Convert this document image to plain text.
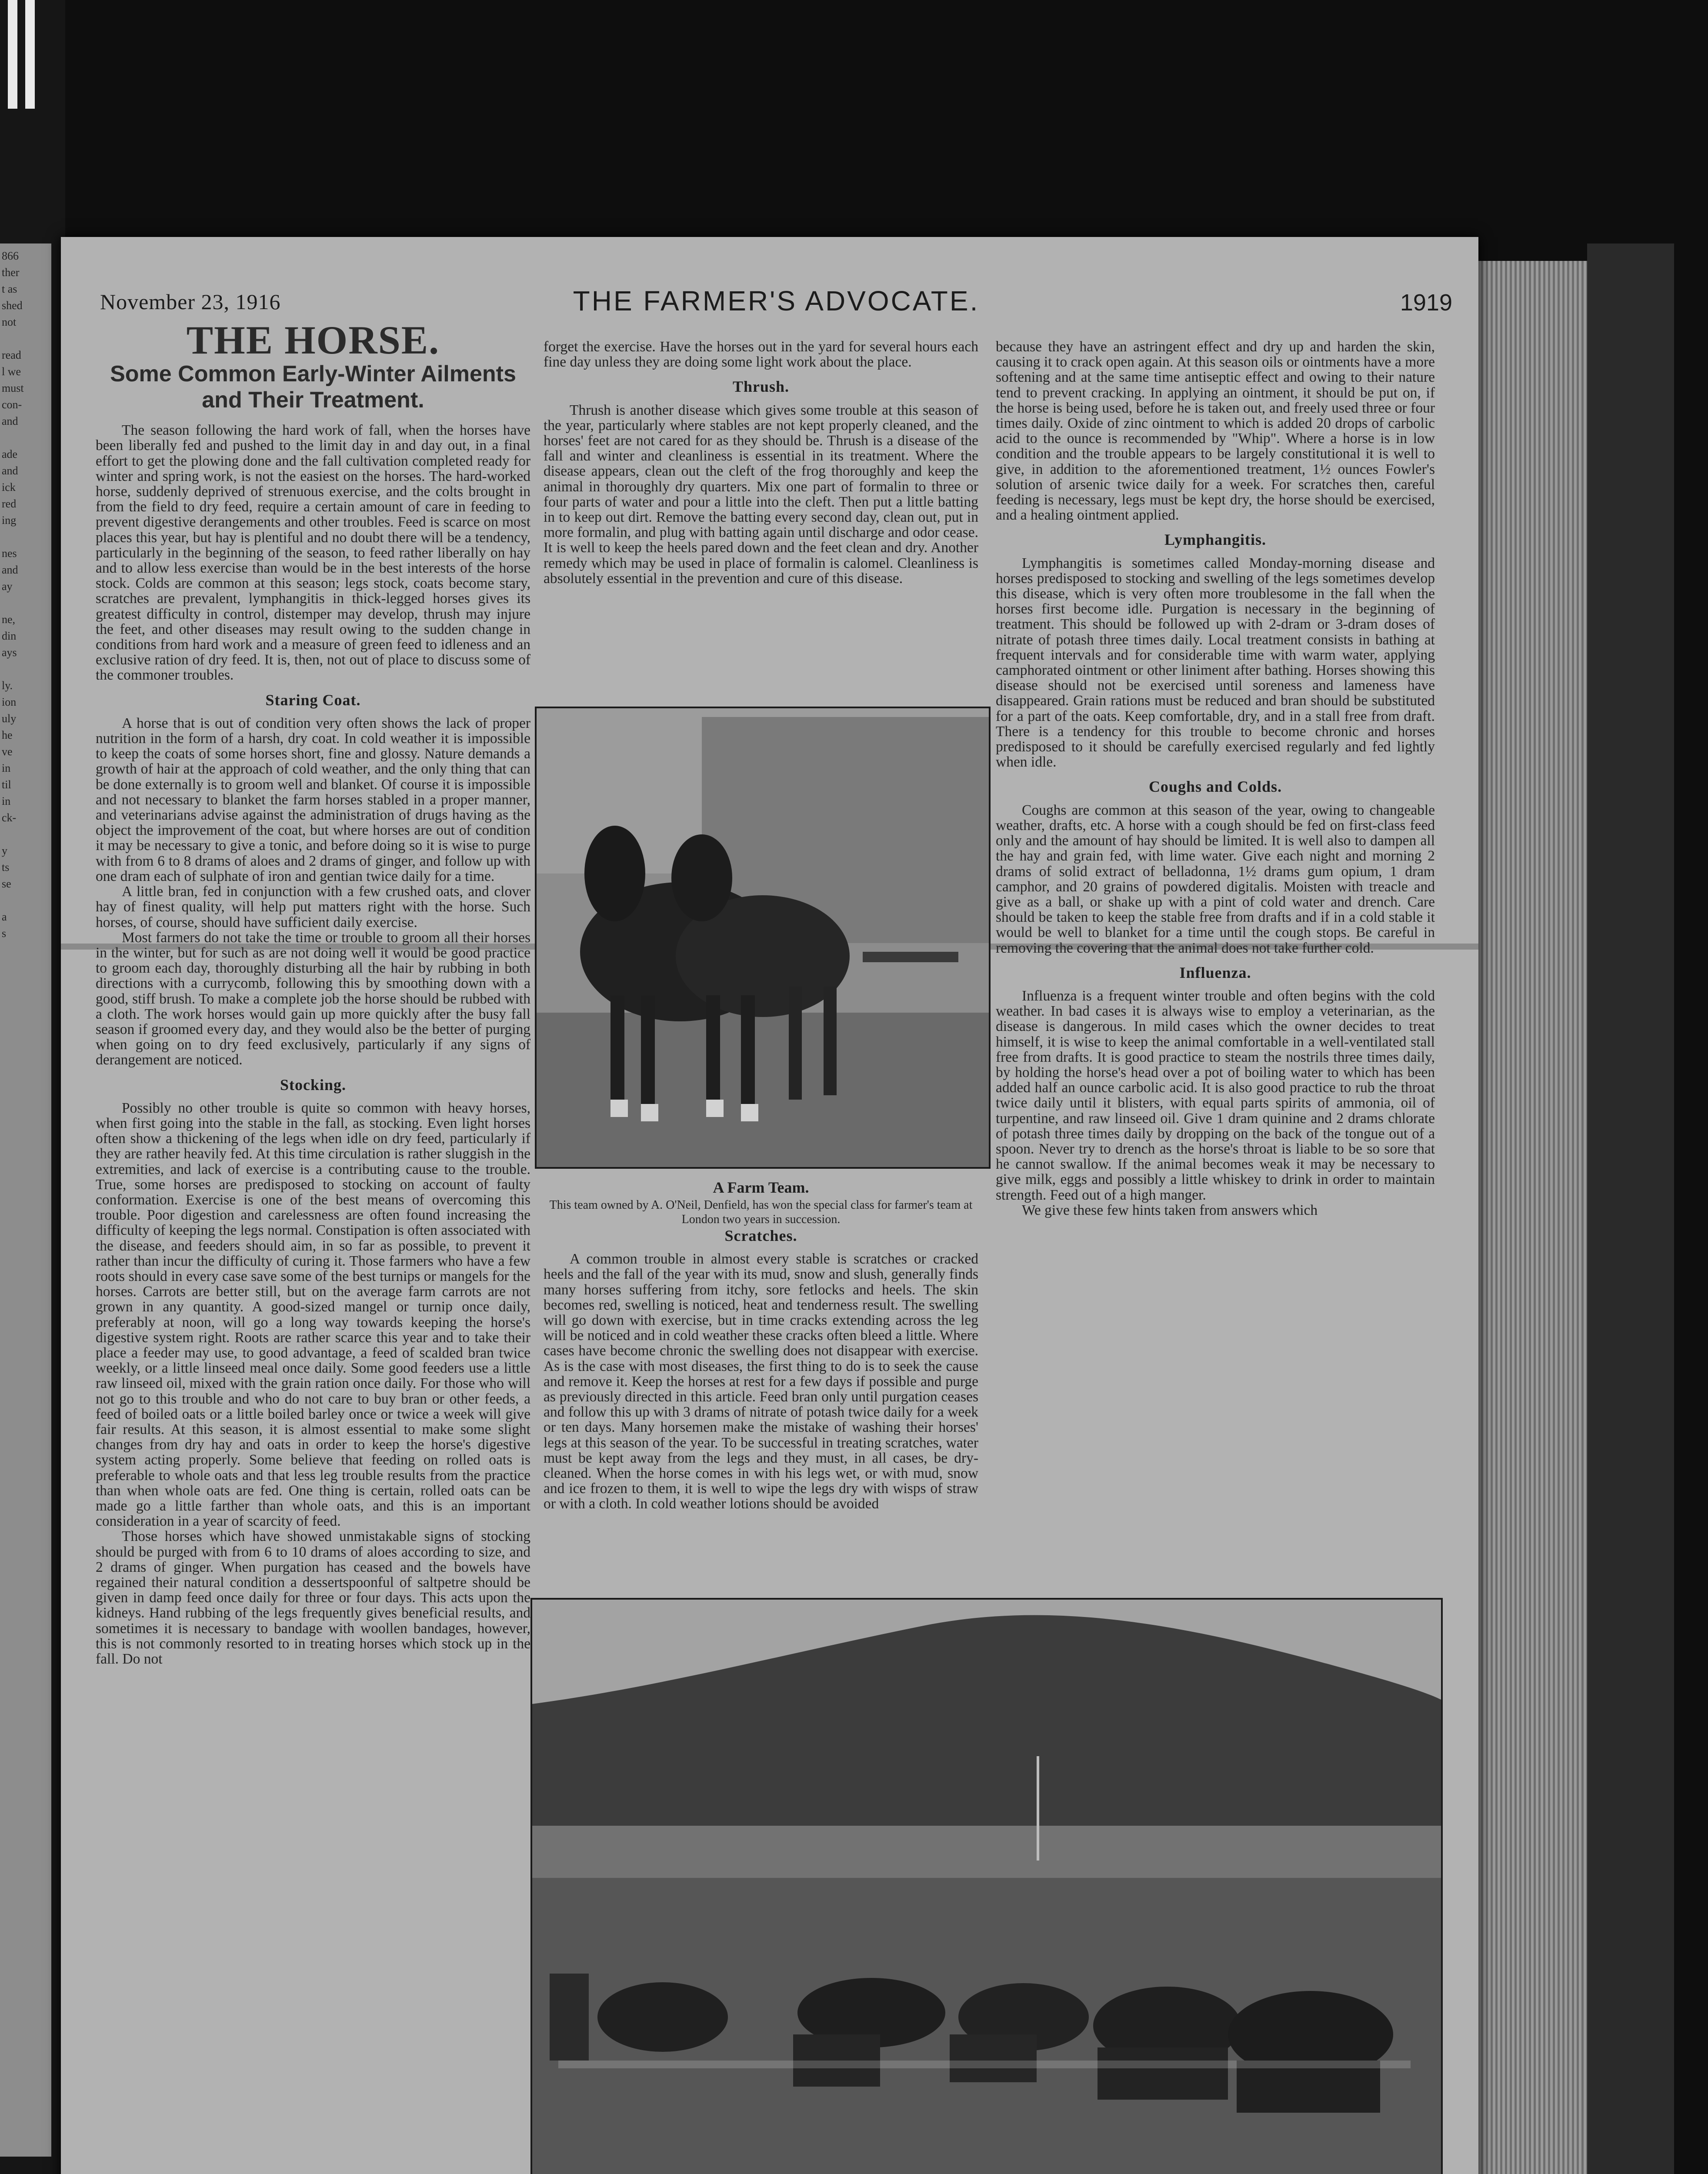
866
ther
t as
shed
not

read
l we
must
con-
and

ade
and
ick
red
ing

nes
and
ay

ne,
din
ays

ly.
ion
uly
he
ve
in
til
in
ck-

y
ts
se

a
s

November 23, 1916	THE FARMER'S ADVOCATE.	1919
THE HORSE.
Some Common Early-Winter Ailments and Their Treatment.

The season following the hard work of fall, when the horses have been liberally fed and pushed to the limit day in and day out, in a final effort to get the plowing done and the fall cultivation completed ready for winter and spring work, is not the easiest on the horses. The hard-worked horse, suddenly deprived of strenuous exercise, and the colts brought in from the field to dry feed, require a certain amount of care in feeding to prevent digestive derangements and other troubles. Feed is scarce on most places this year, but hay is plentiful and no doubt there will be a tendency, particularly in the beginning of the season, to feed rather liberally on hay and to allow less exercise than would be in the best interests of the horse stock. Colds are common at this season; legs stock, coats become stary, scratches are prevalent, lymphangitis in thick-legged horses gives its greatest difficulty in control, distemper may develop, thrush may injure the feet, and other diseases may result owing to the sudden change in conditions from hard work and a measure of green feed to idleness and an exclusive ration of dry feed. It is, then, not out of place to discuss some of the commoner troubles.

Staring Coat.

A horse that is out of condition very often shows the lack of proper nutrition in the form of a harsh, dry coat. In cold weather it is impossible to keep the coats of some horses short, fine and glossy. Nature demands a growth of hair at the approach of cold weather, and the only thing that can be done externally is to groom well and blanket. Of course it is impossible and not necessary to blanket the farm horses stabled in a proper manner, and veterinarians advise against the administration of drugs having as the object the improvement of the coat, but where horses are out of condition it may be necessary to give a tonic, and before doing so it is wise to purge with from 6 to 8 drams of aloes and 2 drams of ginger, and follow up with one dram each of sulphate of iron and gentian twice daily for a time.

A little bran, fed in conjunction with a few crushed oats, and clover hay of finest quality, will help put matters right with the horse. Such horses, of course, should have sufficient daily exercise.

Most farmers do not take the time or trouble to groom all their horses in the winter, but for such as are not doing well it would be good practice to groom each day, thoroughly disturbing all the hair by rubbing in both directions with a currycomb, following this by smoothing down with a good, stiff brush. To make a complete job the horse should be rubbed with a cloth. The work horses would gain up more quickly after the busy fall season if groomed every day, and they would also be the better of purging when going on to dry feed exclusively, particularly if any signs of derangement are noticed.

Stocking.

Possibly no other trouble is quite so common with heavy horses, when first going into the stable in the fall, as stocking. Even light horses often show a thickening of the legs when idle on dry feed, particularly if they are rather heavily fed. At this time circulation is rather sluggish in the extremities, and lack of exercise is a contributing cause to the trouble. True, some horses are predisposed to stocking on account of faulty conformation. Exercise is one of the best means of overcoming this trouble. Poor digestion and carelessness are often found increasing the difficulty of keeping the legs normal. Constipation is often associated with the disease, and feeders should aim, in so far as possible, to prevent it rather than incur the difficulty of curing it. Those farmers who have a few roots should in every case save some of the best turnips or mangels for the horses. Carrots are better still, but on the average farm carrots are not grown in any quantity. A good-sized mangel or turnip once daily, preferably at noon, will go a long way towards keeping the horse's digestive system right. Roots are rather scarce this year and to take their place a feeder may use, to good advantage, a feed of scalded bran twice weekly, or a little linseed meal once daily. Some good feeders use a little raw linseed oil, mixed with the grain ration once daily. For those who will not go to this trouble and who do not care to buy bran or other feeds, a feed of boiled oats or a little boiled barley once or twice a week will give fair results. At this season, it is almost essential to make some slight changes from dry hay and oats in order to keep the horse's digestive system acting properly. Some believe that feeding on rolled oats is preferable to whole oats and that less leg trouble results from the practice than when whole oats are fed. One thing is certain, rolled oats can be made go a little farther than whole oats, and this is an important consideration in a year of scarcity of feed.

Those horses which have showed unmistakable signs of stocking should be purged with from 6 to 10 drams of aloes according to size, and 2 drams of ginger. When purgation has ceased and the bowels have regained their natural condition a dessertspoonful of saltpetre should be given in damp feed once daily for three or four days. This acts upon the kidneys. Hand rubbing of the legs frequently gives beneficial results, and sometimes it is necessary to bandage with woollen bandages, however, this is not commonly resorted to in treating horses which stock up in the fall. Do not

forget the exercise. Have the horses out in the yard for several hours each fine day unless they are doing some light work about the place.

Thrush.

Thrush is another disease which gives some trouble at this season of the year, particularly where stables are not kept properly cleaned, and the horses' feet are not cared for as they should be. Thrush is a disease of the fall and winter and cleanliness is essential in its treatment. Where the disease appears, clean out the cleft of the frog thoroughly and keep the animal in thoroughly dry quarters. Mix one part of formalin to three or four parts of water and pour a little into the cleft. Then put a little batting in to keep out dirt. Remove the batting every second day, clean out, put in more formalin, and plug with batting again until discharge and odor cease. It is well to keep the heels pared down and the feet clean and dry. Another remedy which may be used in place of formalin is calomel. Cleanliness is absolutely essential in the prevention and cure of this disease.

A Farm Team.
This team owned by A. O'Neil, Denfield, has won the special class for farmer's team at London two years in succession.
Scratches.

A common trouble in almost every stable is scratches or cracked heels and the fall of the year with its mud, snow and slush, generally finds many horses suffering from itchy, sore fetlocks and heels. The skin becomes red, swelling is noticed, heat and tenderness result. The swelling will go down with exercise, but in time cracks extending across the leg will be noticed and in cold weather these cracks often bleed a little. Where cases have become chronic the swelling does not disappear with exercise. As is the case with most diseases, the first thing to do is to seek the cause and remove it. Keep the horses at rest for a few days if possible and purge as previously directed in this article. Feed bran only until purgation ceases and follow this up with 3 drams of nitrate of potash twice daily for a week or ten days. Many horsemen make the mistake of washing their horses' legs at this season of the year. To be successful in treating scratches, water must be kept away from the legs and they must, in all cases, be dry-cleaned. When the horse comes in with his legs wet, or with mud, snow and ice frozen to them, it is well to wipe the legs dry with wisps of straw or with a cloth. In cold weather lotions should be avoided

because they have an astringent effect and dry up and harden the skin, causing it to crack open again. At this season oils or ointments have a more softening and at the same time antiseptic effect and owing to their nature tend to prevent cracking. In applying an ointment, it should be put on, if the horse is being used, before he is taken out, and freely used three or four times daily. Oxide of zinc ointment to which is added 20 drops of carbolic acid to the ounce is recommended by "Whip". Where a horse is in low condition and the trouble appears to be largely constitutional it is well to give, in addition to the aforementioned treatment, 1½ ounces Fowler's solution of arsenic twice daily for a week. For scratches then, careful feeding is necessary, legs must be kept dry, the horse should be exercised, and a healing ointment applied.

Lymphangitis.

Lymphangitis is sometimes called Monday-morning disease and horses predisposed to stocking and swelling of the legs sometimes develop this disease, which is very often more troublesome in the fall when the horses first become idle. Purgation is necessary in the beginning of treatment. This should be followed up with 2-dram or 3-dram doses of nitrate of potash three times daily. Local treatment consists in bathing at frequent intervals and for considerable time with warm water, applying camphorated ointment or other liniment after bathing. Horses showing this disease should not be exercised until soreness and lameness have disappeared. Grain rations must be reduced and bran should be substituted for a part of the oats. Keep comfortable, dry, and in a stall free from draft. There is a tendency for this trouble to become chronic and horses predisposed to it should be carefully exercised regularly and fed lightly when idle.

Coughs and Colds.

Coughs are common at this season of the year, owing to changeable weather, drafts, etc. A horse with a cough should be fed on first-class feed only and the amount of hay should be limited. It is well also to dampen all the hay and grain fed, with lime water. Give each night and morning 2 drams of solid extract of belladonna, 1½ drams gum opium, 1 dram camphor, and 20 grains of powdered digitalis. Moisten with treacle and give as a ball, or shake up with a pint of cold water and drench. Care should be taken to keep the stable free from drafts and if in a cold stable it would be well to blanket for a time until the cough stops. Be careful in removing the covering that the animal does not take further cold.

Influenza.

Influenza is a frequent winter trouble and often begins with the cold weather. In bad cases it is always wise to employ a veterinarian, as the disease is dangerous. In mild cases which the owner decides to treat himself, it is wise to keep the animal comfortable in a well-ventilated stall free from drafts. It is good practice to steam the nostrils three times daily, by holding the horse's head over a pot of boiling water to which has been added half an ounce carbolic acid. It is also good practice to rub the throat twice daily until it blisters, with equal parts spirits of ammonia, oil of turpentine, and raw linseed oil. Give 1 dram quinine and 2 drams chlorate of potash three times daily by dropping on the back of the tongue out of a spoon. Never try to drench as the horse's throat is liable to be so sore that he cannot swallow. If the animal becomes weak it may be necessary to give milk, eggs and possibly a little whiskey to drink in order to maintain strength. Feed out of a high manger.

We give these few hints taken from answers which
